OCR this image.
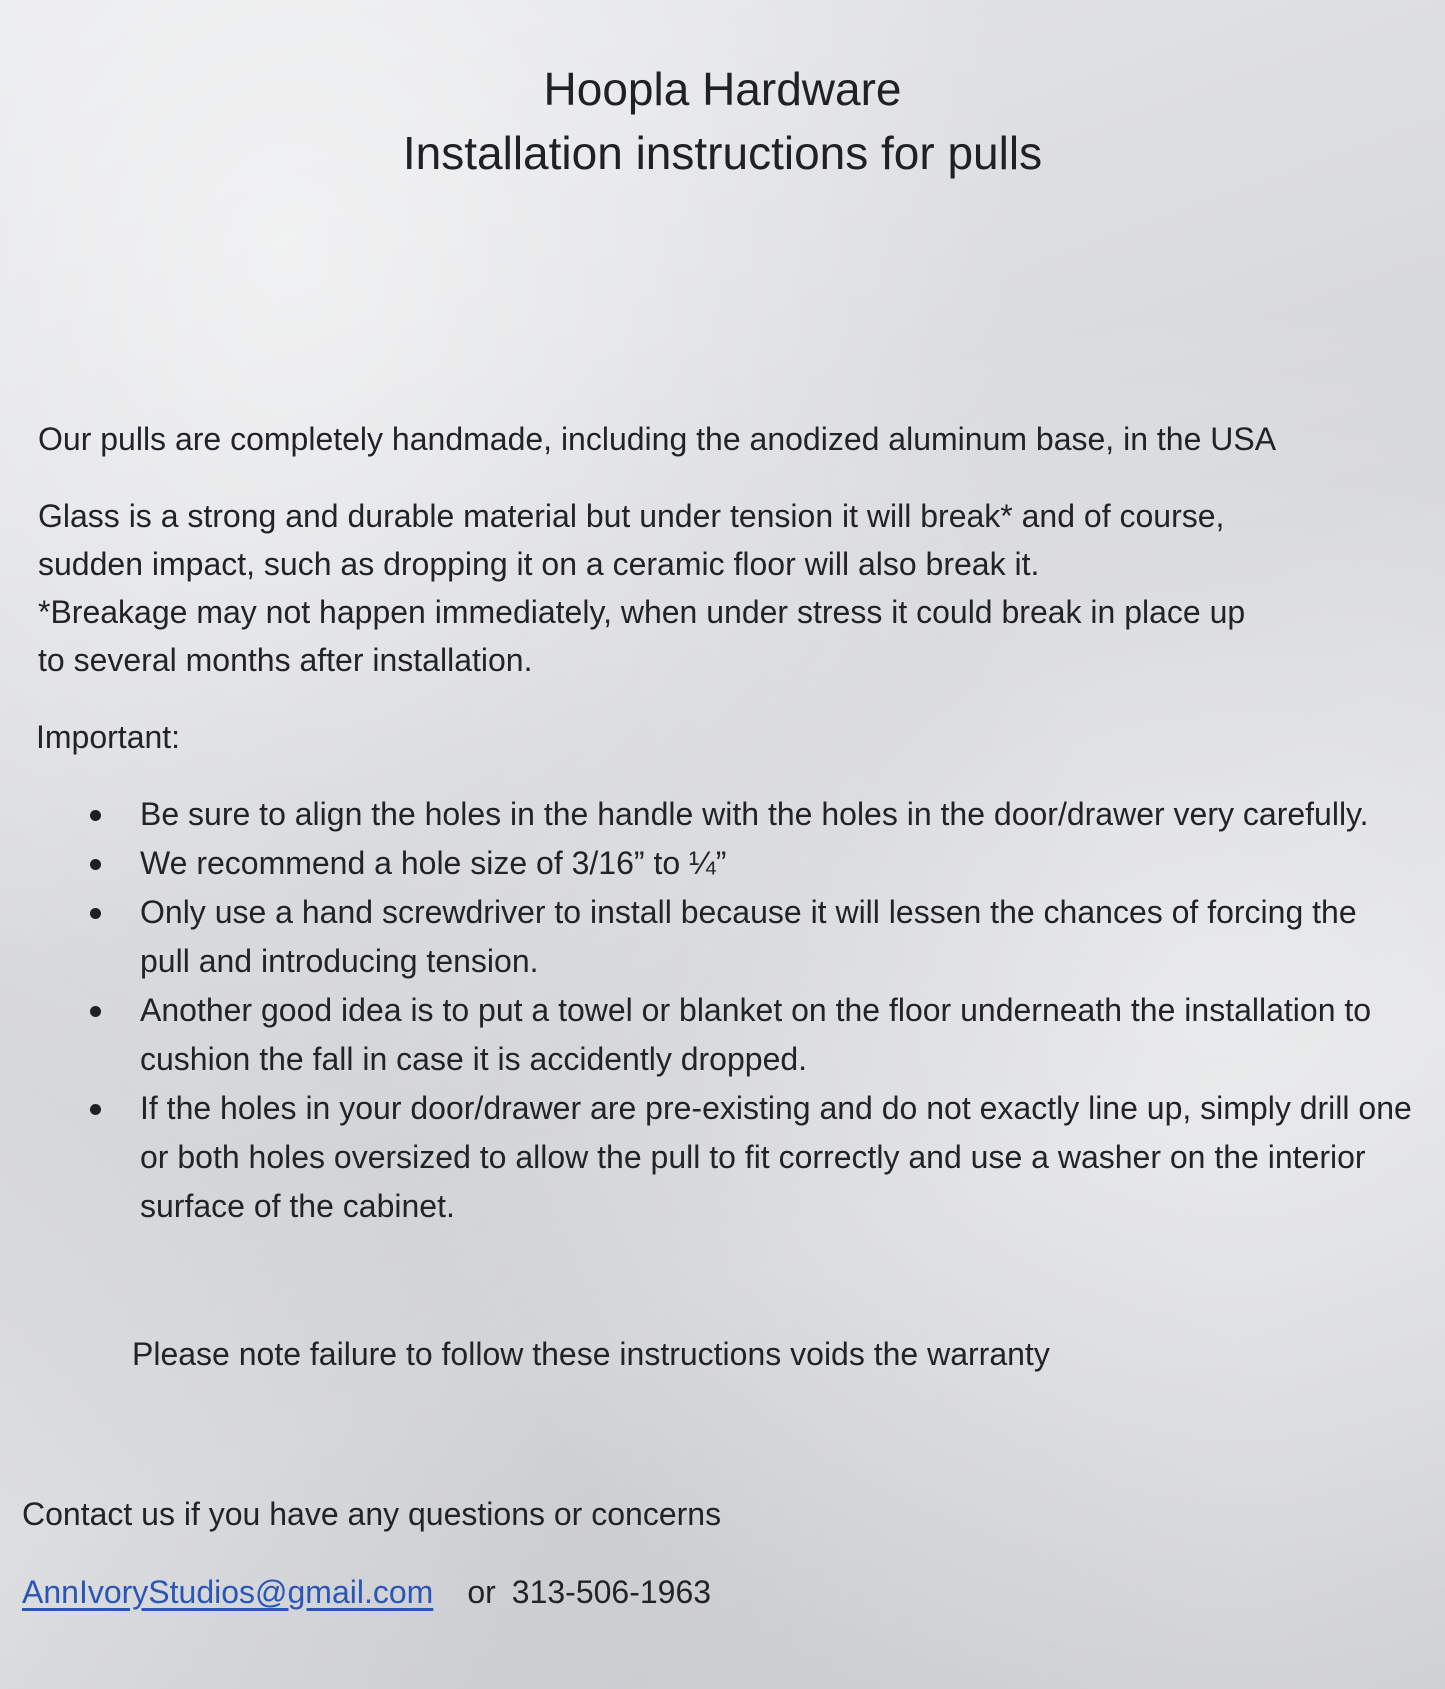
Hoopla Hardware
Installation instructions for pulls
Our pulls are completely handmade, including the anodized aluminum base, in the USA
Glass is a strong and durable material but under tension it will break* and of course,
sudden impact, such as dropping it on a ceramic floor will also break it.
*Breakage may not happen immediately, when under stress it could break in place up
to several months after installation.
Important:
Be sure to align the holes in the handle with the holes in the door/drawer very carefully.
We recommend a hole size of 3/16” to ¼”
Only use a hand screwdriver to install because it will lessen the chances of forcing the pull and introducing tension.
Another good idea is to put a towel or blanket on the floor underneath the installation to cushion the fall in case it is accidently dropped.
If the holes in your door/drawer are pre-existing and do not exactly line up, simply drill one or both holes oversized to allow the pull to fit correctly and use a washer on the interior surface of the cabinet.
Please note failure to follow these instructions voids the warranty
Contact us if you have any questions or concerns
AnnIvoryStudios@gmail.com or 313-506-1963
